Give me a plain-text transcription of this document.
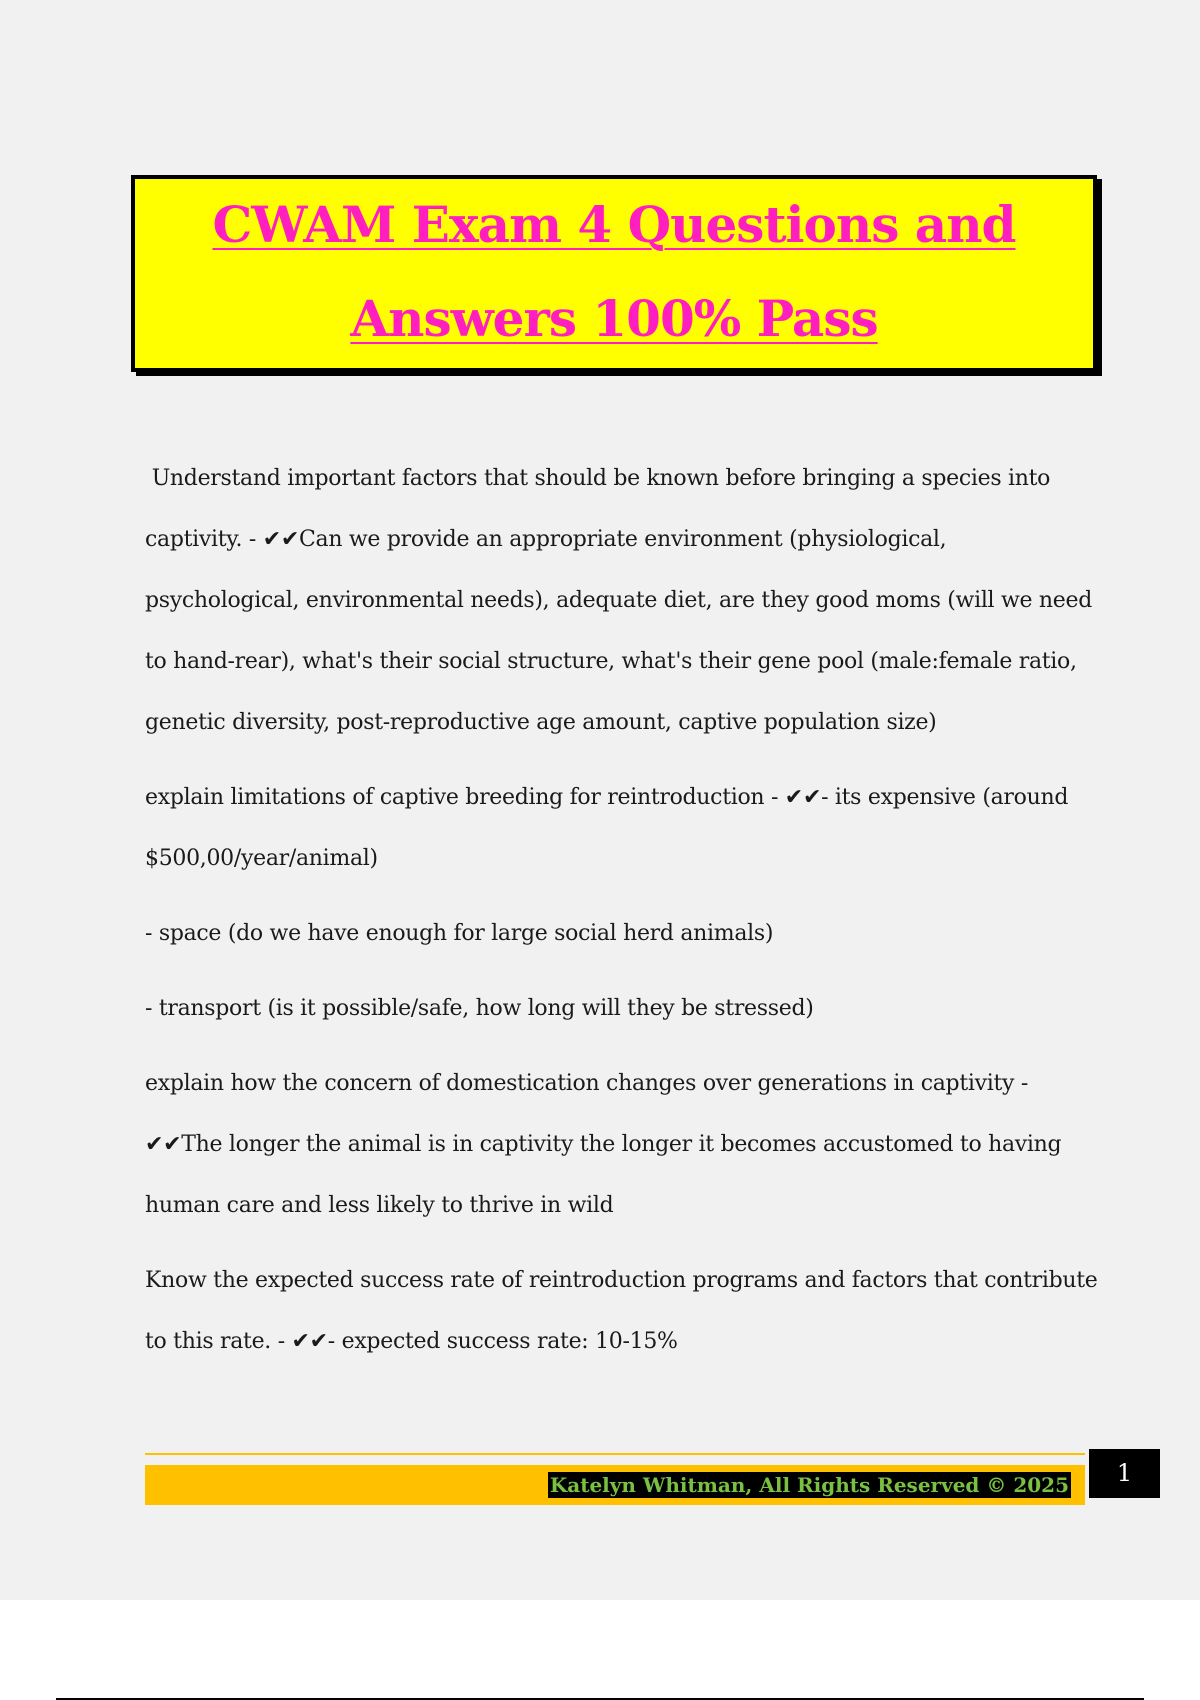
CWAM Exam 4 Questions and
Answers 100% Pass

Understand important factors that should be known before bringing a species into
captivity. - ✔✔Can we provide an appropriate environment (physiological,
psychological, environmental needs), adequate diet, are they good moms (will we need
to hand-rear), what's their social structure, what's their gene pool (male:female ratio,
genetic diversity, post-reproductive age amount, captive population size)

explain limitations of captive breeding for reintroduction - ✔✔- its expensive (around
$500,00/year/animal)

- space (do we have enough for large social herd animals)

- transport (is it possible/safe, how long will they be stressed)

explain how the concern of domestication changes over generations in captivity -
✔✔The longer the animal is in captivity the longer it becomes accustomed to having
human care and less likely to thrive in wild

Know the expected success rate of reintroduction programs and factors that contribute
to this rate. - ✔✔- expected success rate: 10-15%

Katelyn Whitman, All Rights Reserved © 2025	1
